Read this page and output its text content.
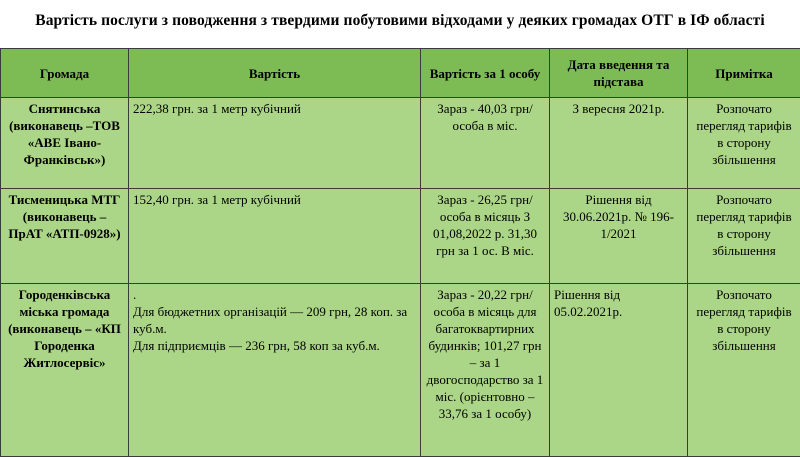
Вартість послуги з поводження з твердими побутовими відходами у деяких громадах ОТГ в ІФ області
Громада	Вартість	Вартість за 1 особу	Дата введення та підстава	Примітка
Снятинська (виконавець –ТОВ «АВЕ Івано-Франківськ»)	222,38 грн. за 1 метр кубічний	Зараз - 40,03 грн/особа в міс.	З вересня 2021р.	Розпочато перегляд тарифів в сторону збільшення
Тисменицька МТГ (виконавець – ПрАТ «АТП-0928»)	152,40 грн. за 1 метр кубічний	Зараз - 26,25 грн/особа в місяць З 01,08,2022 р. 31,30 грн за 1 ос. В міс.	Рішення від 30.06.2021р. № 196-1/2021	Розпочато перегляд тарифів в сторону збільшення
Городенківська міська громада (виконавець – «КП Городенка Житлосервіс»	.
Для бюджетних організацій — 209 грн, 28 коп. за куб.м.
Для підприємців — 236 грн, 58 коп за куб.м.	Зараз - 20,22 грн/особа в місяць для багатоквартирних будинків; 101,27 грн – за 1 двогосподарство за 1 міс. (орієнтовно – 33,76 за 1 особу)	Рішення від 05.02.2021р.	Розпочато перегляд тарифів в сторону збільшення
